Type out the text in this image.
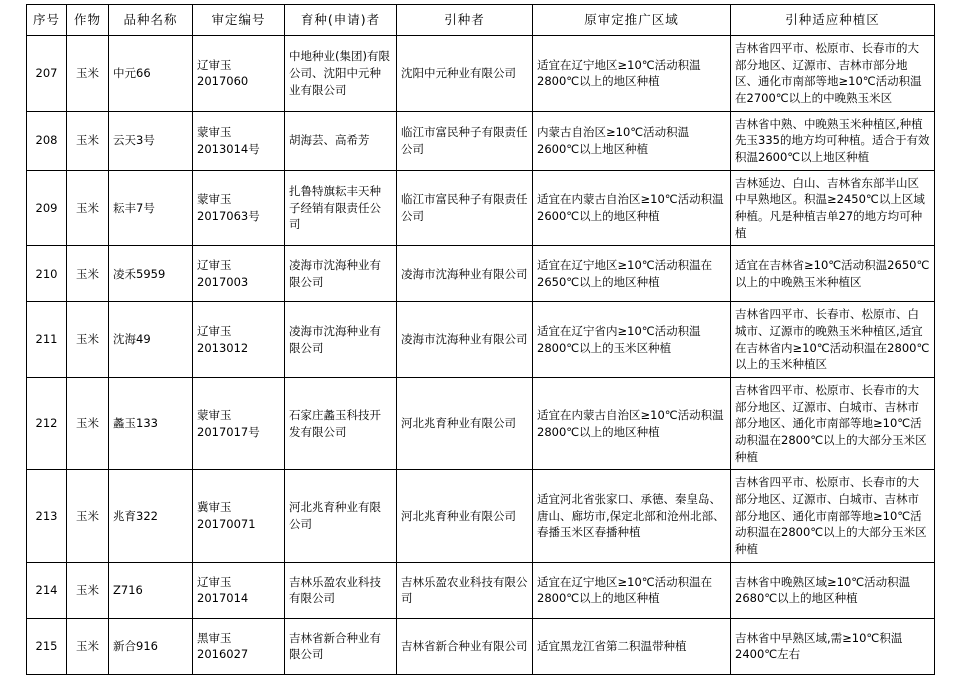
序号	作物	品种名称	审定编号	育种(申请)者	引种者	原审定推广区域	引种适应种植区
207	玉米	中元66	辽审玉2017060	中地种业(集团)有限公司、沈阳中元种业有限公司	沈阳中元种业有限公司	适宜在辽宁地区≥10℃活动积温2800℃以上的地区种植	吉林省四平市、松原市、长春市的大部分地区、辽源市、吉林市部分地区、通化市南部等地≥10℃活动积温在2700℃以上的中晚熟玉米区
208	玉米	云天3号	蒙审玉2013014号	胡海芸、高希芳	临江市富民种子有限责任公司	内蒙古自治区≥10℃活动积温2600℃以上地区种植	吉林省中熟、中晚熟玉米种植区,种植先玉335的地方均可种植。适合于有效积温2600℃以上地区种植
209	玉米	耘丰7号	蒙审玉2017063号	扎鲁特旗耘丰天种子经销有限责任公司	临江市富民种子有限责任公司	适宜在内蒙古自治区≥10℃活动积温2600℃以上的地区种植	吉林延边、白山、吉林省东部半山区中早熟地区。积温≥2450℃以上区域种植。凡是种植吉单27的地方均可种植
210	玉米	凌禾5959	辽审玉2017003	凌海市沈海种业有限公司	凌海市沈海种业有限公司	适宜在辽宁地区≥10℃活动积温在2650℃以上的地区种植	适宜在吉林省≥10℃活动积温2650℃以上的中晚熟玉米种植区
211	玉米	沈海49	辽审玉2013012	凌海市沈海种业有限公司	凌海市沈海种业有限公司	适宜在辽宁省内≥10℃活动积温2800℃以上的玉米区种植	吉林省四平市、长春市、松原市、白城市、辽源市的晚熟玉米种植区,适宜在吉林省内≥10℃活动积温在2800℃以上的玉米种植区
212	玉米	蠡玉133	蒙审玉2017017号	石家庄蠡玉科技开发有限公司	河北兆育种业有限公司	适宜在内蒙古自治区≥10℃活动积温2800℃以上的地区种植	吉林省四平市、松原市、长春市的大部分地区、辽源市、白城市、吉林市部分地区、通化市南部等地≥10℃活动积温在2800℃以上的大部分玉米区种植
213	玉米	兆育322	冀审玉20170071	河北兆育种业有限公司	河北兆育种业有限公司	适宜河北省张家口、承德、秦皇岛、唐山、廊坊市,保定北部和沧州北部、春播玉米区春播种植	吉林省四平市、松原市、长春市的大部分地区、辽源市、白城市、吉林市部分地区、通化市南部等地≥10℃活动积温在2800℃以上的大部分玉米区种植
214	玉米	Z716	辽审玉2017014	吉林乐盈农业科技有限公司	吉林乐盈农业科技有限公司	适宜在辽宁地区≥10℃活动积温在2800℃以上的地区种植	吉林省中晚熟区域≥10℃活动积温2680℃以上的地区种植
215	玉米	新合916	黑审玉2016027	吉林省新合种业有限公司	吉林省新合种业有限公司	适宜黑龙江省第二积温带种植	吉林省中早熟区域,需≥10℃积温2400℃左右
